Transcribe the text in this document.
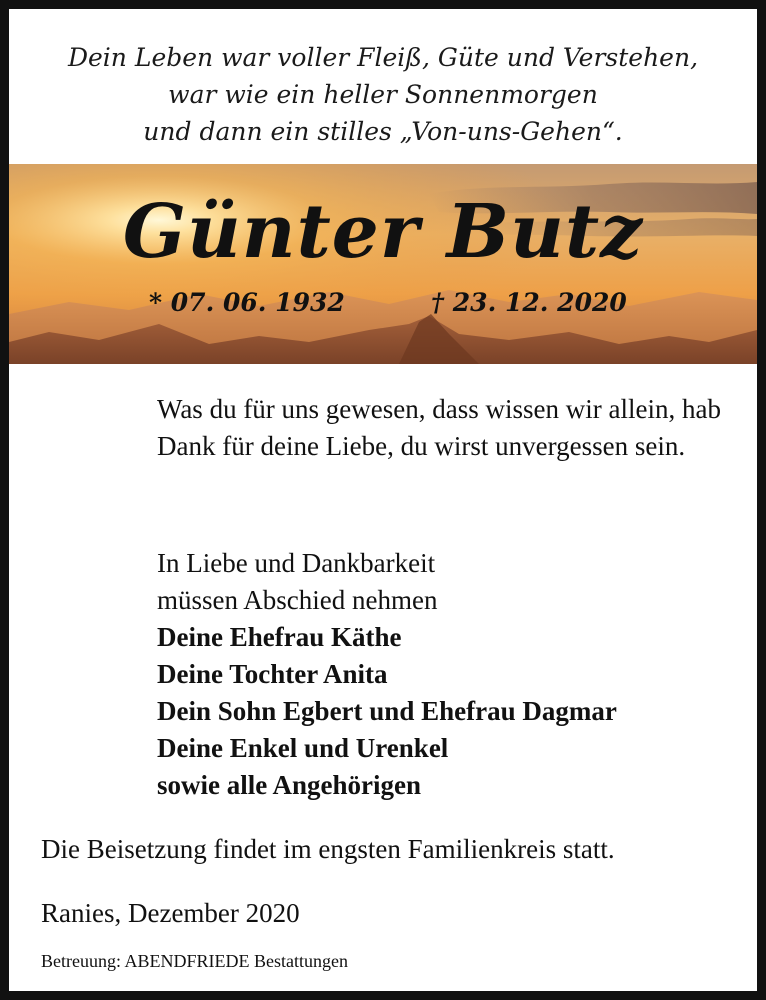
Dein Leben war voller Fleiß, Güte und Verstehen,
war wie ein heller Sonnenmorgen
und dann ein stilles „Von-uns-Gehen“.
Günter Butz
* 07. 06. 1932	† 23. 12. 2020
Was du für uns gewesen, dass wissen wir allein, hab Dank für deine Liebe, du wirst unvergessen sein.
In Liebe und Dankbarkeit
müssen Abschied nehmen
Deine Ehefrau Käthe
Deine Tochter Anita
Dein Sohn Egbert und Ehefrau Dagmar
Deine Enkel und Urenkel
sowie alle Angehörigen
Die Beisetzung findet im engsten Familienkreis statt.
Ranies, Dezember 2020
Betreuung: ABENDFRIEDE Bestattungen
